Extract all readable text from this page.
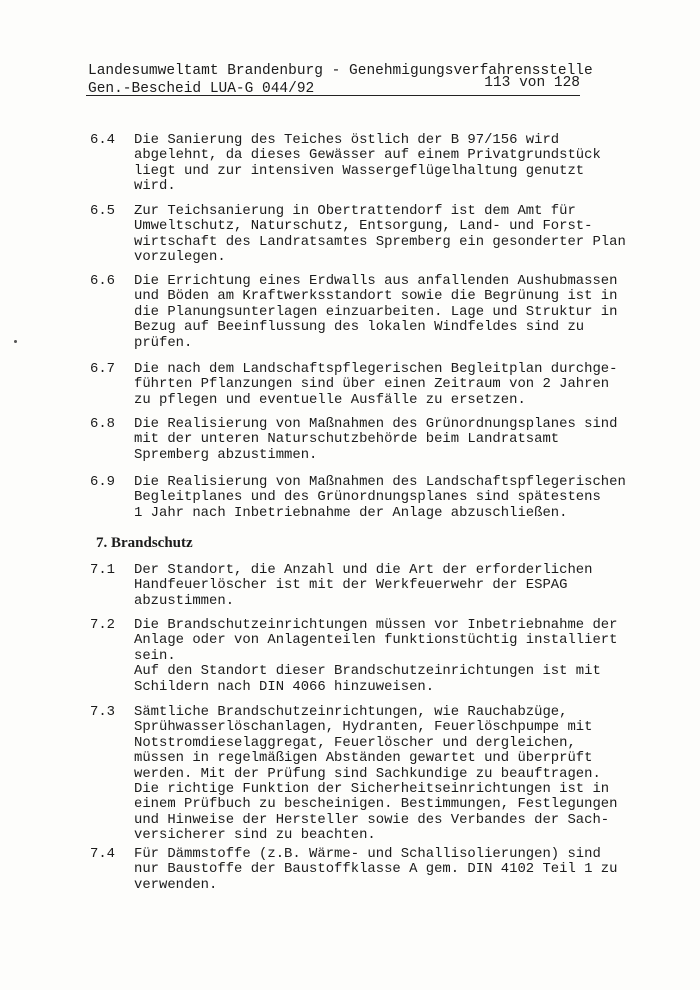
Landesumweltamt Brandenburg - Genehmigungsverfahrensstelle
Gen.-Bescheid LUA-G 044/92	113 von 128
6.4	Die Sanierung des Teiches östlich der B 97/156 wird
abgelehnt, da dieses Gewässer auf einem Privatgrundstück
liegt und zur intensiven Wassergeflügelhaltung genutzt
wird.
6.5	Zur Teichsanierung in Obertrattendorf ist dem Amt für
Umweltschutz, Naturschutz, Entsorgung, Land- und Forst-
wirtschaft des Landratsamtes Spremberg ein gesonderter Plan
vorzulegen.
6.6	Die Errichtung eines Erdwalls aus anfallenden Aushubmassen
und Böden am Kraftwerksstandort sowie die Begrünung ist in
die Planungsunterlagen einzuarbeiten. Lage und Struktur in
Bezug auf Beeinflussung des lokalen Windfeldes sind zu
prüfen.
6.7	Die nach dem Landschaftspflegerischen Begleitplan durchge-
führten Pflanzungen sind über einen Zeitraum von 2 Jahren
zu pflegen und eventuelle Ausfälle zu ersetzen.
6.8	Die Realisierung von Maßnahmen des Grünordnungsplanes sind
mit der unteren Naturschutzbehörde beim Landratsamt
Spremberg abzustimmen.
6.9	Die Realisierung von Maßnahmen des Landschaftspflegerischen
Begleitplanes und des Grünordnungsplanes sind spätestens
1 Jahr nach Inbetriebnahme der Anlage abzuschließen.
7. Brandschutz
7.1	Der Standort, die Anzahl und die Art der erforderlichen
Handfeuerlöscher ist mit der Werkfeuerwehr der ESPAG
abzustimmen.
7.2	Die Brandschutzeinrichtungen müssen vor Inbetriebnahme der
Anlage oder von Anlagenteilen funktionstüchtig installiert
sein.
Auf den Standort dieser Brandschutzeinrichtungen ist mit
Schildern nach DIN 4066 hinzuweisen.
7.3	Sämtliche Brandschutzeinrichtungen, wie Rauchabzüge,
Sprühwasserlöschanlagen, Hydranten, Feuerlöschpumpe mit
Notstromdieselaggregat, Feuerlöscher und dergleichen,
müssen in regelmäßigen Abständen gewartet und überprüft
werden. Mit der Prüfung sind Sachkundige zu beauftragen.
Die richtige Funktion der Sicherheitseinrichtungen ist in
einem Prüfbuch zu bescheinigen. Bestimmungen, Festlegungen
und Hinweise der Hersteller sowie des Verbandes der Sach-
versicherer sind zu beachten.
7.4	Für Dämmstoffe (z.B. Wärme- und Schallisolierungen) sind
nur Baustoffe der Baustoffklasse A gem. DIN 4102 Teil 1 zu
verwenden.
